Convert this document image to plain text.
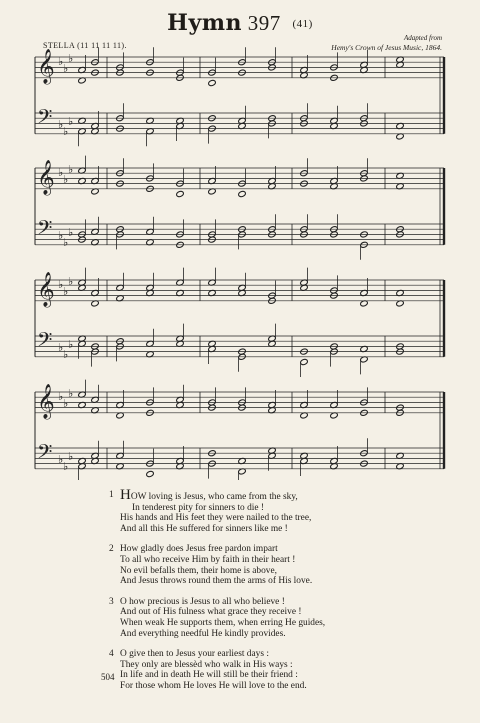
Hymn 397 (41)
STELLA (11 11 11 11).
Adapted from
Hemy's Crown of Jesus Music, 1864.
𝄞
𝄢
♭
♭
♭
♭
♭
♭
𝄞
𝄢
♭
♭
♭
♭
♭
♭
𝄞
𝄢
♭
♭
♭
♭
♭
♭
𝄞
𝄢
♭
♭
♭
♭
♭
♭
1 HOW loving is Jesus, who came from the sky,
In tenderest pity for sinners to die !
His hands and His feet they were nailed to the tree,
And all this He suffered for sinners like me !
2 How gladly does Jesus free pardon impart
To all who receive Him by faith in their heart !
No evil befalls them, their home is above,
And Jesus throws round them the arms of His love.
3 O how precious is Jesus to all who believe !
And out of His fulness what grace they receive !
When weak He supports them, when erring He guides,
And everything needful He kindly provides.
4 O give then to Jesus your earliest days :
They only are blessèd who walk in His ways :
In life and in death He will still be their friend :
For those whom He loves He will love to the end.
504
